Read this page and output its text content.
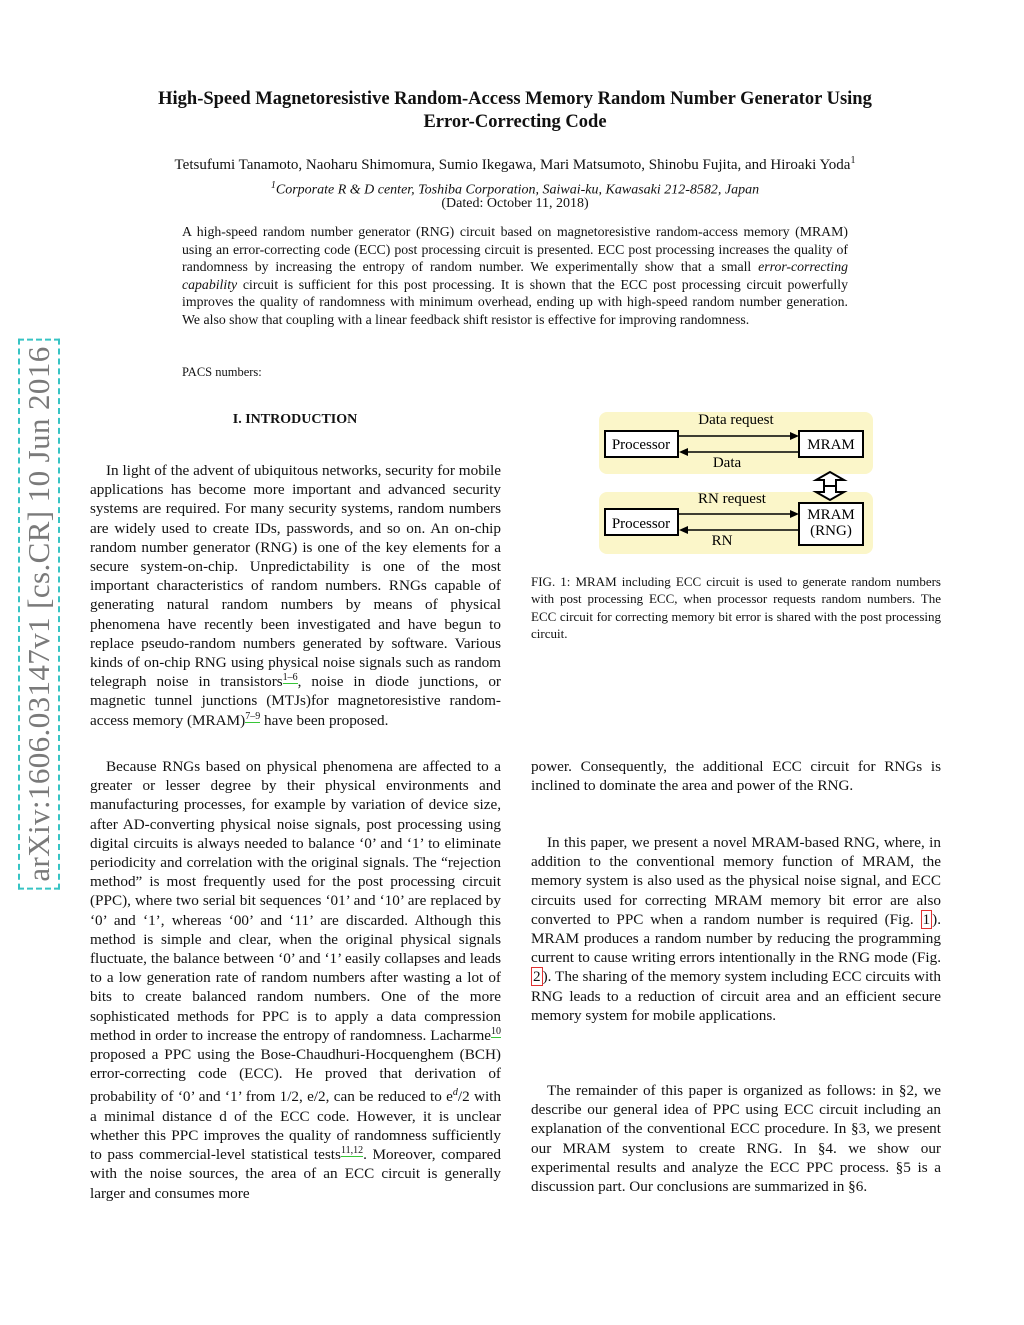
arXiv:1606.03147v1 [cs.CR] 10 Jun 2016
High-Speed Magnetoresistive Random-Access Memory Random Number Generator Using
Error-Correcting Code
Tetsufumi Tanamoto, Naoharu Shimomura, Sumio Ikegawa, Mari Matsumoto, Shinobu Fujita, and Hiroaki Yoda$^1$
$^1$Corporate R & D center, Toshiba Corporation, Saiwai-ku, Kawasaki 212-8582, Japan
(Dated: October 11, 2018)
A high-speed random number generator (RNG) circuit based on magnetoresistive random-access memory (MRAM) using an error-correcting code (ECC) post processing circuit is presented. ECC post processing increases the quality of randomness by increasing the entropy of random number. We experimentally show that a small error-correcting capability circuit is sufficient for this post processing. It is shown that the ECC post processing circuit powerfully improves the quality of randomness with minimum overhead, ending up with high-speed random number generation. We also show that coupling with a linear feedback shift resistor is effective for improving randomness.
PACS numbers:
I. INTRODUCTION
In light of the advent of ubiquitous networks, security for mobile applications has become more important and advanced security systems are required. For many security systems, random numbers are widely used to create IDs, passwords, and so on. An on-chip random number generator (RNG) is one of the key elements for a secure system-on-chip. Unpredictability is one of the most important characteristics of random numbers. RNGs capable of generating natural random numbers by means of physical phenomena have recently been investigated and have begun to replace pseudo-random numbers generated by software. Various kinds of on-chip RNG using physical noise signals such as random telegraph noise in transistors$^{1-6}$, noise in diode junctions, or magnetic tunnel junctions (MTJs)for magnetoresistive random-access memory (MRAM)$^{7-9}$ have been proposed.
Because RNGs based on physical phenomena are affected to a greater or lesser degree by their physical environments and manufacturing processes, for example by variation of device size, after AD-converting physical noise signals, post processing using digital circuits is always needed to balance ‘0’ and ‘1’ to eliminate periodicity and correlation with the original signals. The “rejection method” is most frequently used for the post processing circuit (PPC), where two serial bit sequences ‘01’ and ‘10’ are replaced by ‘0’ and ‘1’, whereas ‘00’ and ‘11’ are discarded. Although this method is simple and clear, when the original physical signals fluctuate, the balance between ‘0’ and ‘1’ easily collapses and leads to a low generation rate of random numbers after wasting a lot of bits to create balanced random numbers. One of the more sophisticated methods for PPC is to apply a data compression method in order to increase the entropy of randomness. Lacharme$^{10}$ proposed a PPC using the Bose-Chaudhuri-Hocquenghem (BCH) error-correcting code (ECC). He proved that derivation of probability of ‘0’ and ‘1’ from 1/2, e/2, can be reduced to $e^d/2$ with a minimal distance d of the ECC code. However, it is unclear whether this PPC improves the quality of randomness sufficiently to pass commercial-level statistical tests$^{11,12}$. Moreover, compared with the noise sources, the area of an ECC circuit is generally larger and consumes more
Processor	MRAM
Data request
Data
Processor
MRAM
(RNG)
RN request
RN
FIG. 1: MRAM including ECC circuit is used to generate random numbers with post processing ECC, when processor requests random numbers. The ECC circuit for correcting memory bit error is shared with the post processing circuit.
power. Consequently, the additional ECC circuit for RNGs is inclined to dominate the area and power of the RNG.
In this paper, we present a novel MRAM-based RNG, where, in addition to the conventional memory function of MRAM, the memory system is also used as the physical noise signal, and ECC circuits used for correcting MRAM memory bit error are also converted to PPC when a random number is required (Fig. 1 ). MRAM produces a random number by reducing the programming current to cause writing errors intentionally in the RNG mode (Fig. 2 ). The sharing of the memory system including ECC circuits with RNG leads to a reduction of circuit area and an efficient secure memory system for mobile applications.
The remainder of this paper is organized as follows: in §2, we describe our general idea of PPC using ECC circuit including an explanation of the conventional ECC procedure. In §3, we present our MRAM system to create RNG. In §4. we show our experimental results and analyze the ECC PPC process. §5 is a discussion part. Our conclusions are summarized in §6.
